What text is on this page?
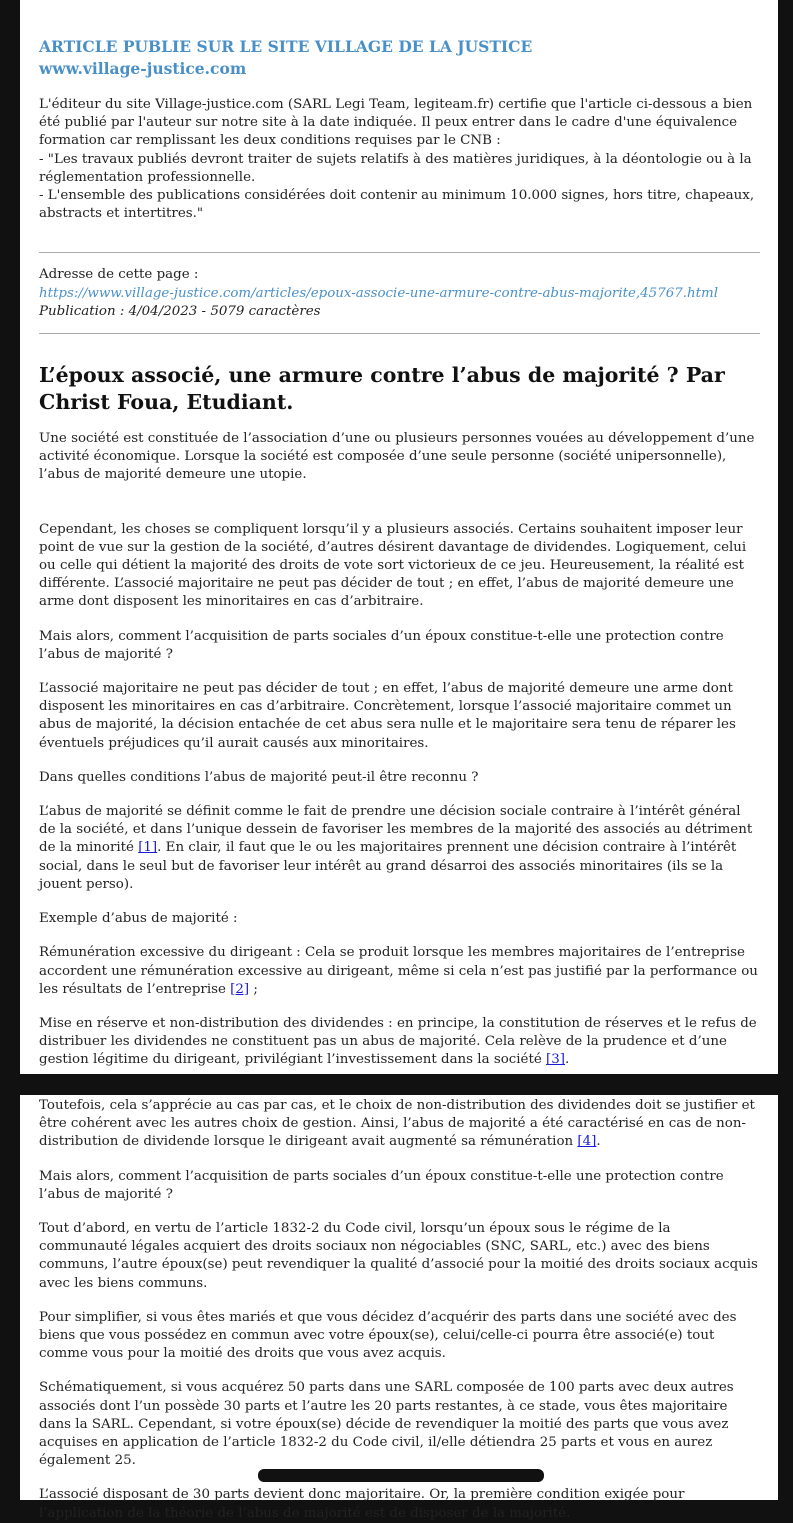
ARTICLE PUBLIE SUR LE SITE VILLAGE DE LA JUSTICE

www.village-justice.com

L'éditeur du site Village-justice.com (SARL Legi Team, legiteam.fr) certifie que l'article ci-dessous a bien été publié par l'auteur sur notre site à la date indiquée. Il peux entrer dans le cadre d'une équivalence formation car remplissant les deux conditions requises par le CNB :
- "Les travaux publiés devront traiter de sujets relatifs à des matières juridiques, à la déontologie ou à la réglementation professionnelle.
- L'ensemble des publications considérées doit contenir au minimum 10.000 signes, hors titre, chapeaux, abstracts et intertitres."

Adresse de cette page :

https://www.village-justice.com/articles/epoux-associe-une-armure-contre-abus-majorite,45767.html

Publication : 4/04/2023 - 5079 caractères

L’époux associé, une armure contre l’abus de majorité ? Par Christ Foua, Etudiant.

Une société est constituée de l’association d’une ou plusieurs personnes vouées au développement d’une activité économique. Lorsque la société est composée d’une seule personne (société unipersonnelle), l’abus de majorité demeure une utopie.

Cependant, les choses se compliquent lorsqu’il y a plusieurs associés. Certains souhaitent imposer leur point de vue sur la gestion de la société, d’autres désirent davantage de dividendes. Logiquement, celui ou celle qui détient la majorité des droits de vote sort victorieux de ce jeu. Heureusement, la réalité est différente. L’associé majoritaire ne peut pas décider de tout ; en effet, l’abus de majorité demeure une arme dont disposent les minoritaires en cas d’arbitraire.

Mais alors, comment l’acquisition de parts sociales d’un époux constitue-t-elle une protection contre l’abus de majorité ?

L’associé majoritaire ne peut pas décider de tout ; en effet, l’abus de majorité demeure une arme dont disposent les minoritaires en cas d’arbitraire. Concrètement, lorsque l’associé majoritaire commet un abus de majorité, la décision entachée de cet abus sera nulle et le majoritaire sera tenu de réparer les éventuels préjudices qu’il aurait causés aux minoritaires.

Dans quelles conditions l’abus de majorité peut-il être reconnu ?

L’abus de majorité se définit comme le fait de prendre une décision sociale contraire à l’intérêt général de la société, et dans l’unique dessein de favoriser les membres de la majorité des associés au détriment de la minorité [1]. En clair, il faut que le ou les majoritaires prennent une décision contraire à l’intérêt social, dans le seul but de favoriser leur intérêt au grand désarroi des associés minoritaires (ils se la jouent perso).

Exemple d’abus de majorité :

Rémunération excessive du dirigeant : Cela se produit lorsque les membres majoritaires de l’entreprise accordent une rémunération excessive au dirigeant, même si cela n’est pas justifié par la performance ou les résultats de l’entreprise [2] ;

Mise en réserve et non-distribution des dividendes : en principe, la constitution de réserves et le refus de distribuer les dividendes ne constituent pas un abus de majorité. Cela relève de la prudence et d’une gestion légitime du dirigeant, privilégiant l’investissement dans la société [3].

Toutefois, cela s’apprécie au cas par cas, et le choix de non-distribution des dividendes doit se justifier et être cohérent avec les autres choix de gestion. Ainsi, l’abus de majorité a été caractérisé en cas de non-distribution de dividende lorsque le dirigeant avait augmenté sa rémunération [4].

Mais alors, comment l’acquisition de parts sociales d’un époux constitue-t-elle une protection contre l’abus de majorité ?

Tout d’abord, en vertu de l’article 1832-2 du Code civil, lorsqu’un époux sous le régime de la communauté légales acquiert des droits sociaux non négociables (SNC, SARL, etc.) avec des biens communs, l’autre époux(se) peut revendiquer la qualité d’associé pour la moitié des droits sociaux acquis avec les biens communs.

Pour simplifier, si vous êtes mariés et que vous décidez d’acquérir des parts dans une société avec des biens que vous possédez en commun avec votre époux(se), celui/celle-ci pourra être associé(e) tout comme vous pour la moitié des droits que vous avez acquis.

Schématiquement, si vous acquérez 50 parts dans une SARL composée de 100 parts avec deux autres associés dont l’un possède 30 parts et l’autre les 20 parts restantes, à ce stade, vous êtes majoritaire dans la SARL. Cependant, si votre époux(se) décide de revendiquer la moitié des parts que vous avez acquises en application de l’article 1832-2 du Code civil, il/elle détiendra 25 parts et vous en aurez également 25.

L’associé disposant de 30 parts devient donc majoritaire. Or, la première condition exigée pour l’application de la théorie de l’abus de majorité est de disposer de la majorité.
